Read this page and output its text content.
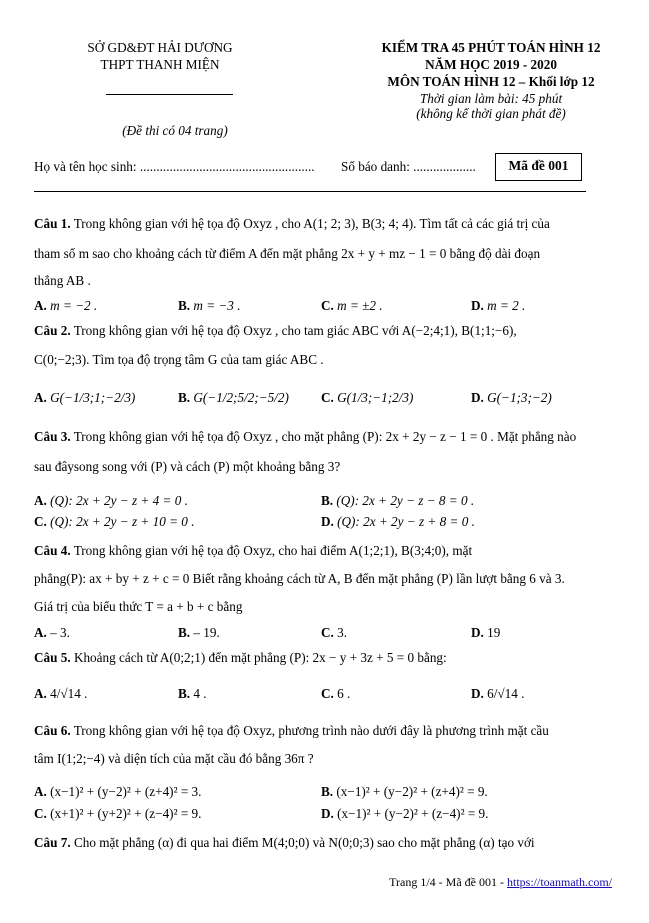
SỞ GD&ĐT HẢI DƯƠNG
THPT THANH MIỆN
(Đề thi có 04 trang)
KIỂM TRA 45 PHÚT TOÁN HÌNH 12
NĂM HỌC 2019 - 2020
MÔN TOÁN HÌNH 12 – Khối lớp 12
Thời gian làm bài: 45 phút
(không kể thời gian phát đề)
Họ và tên học sinh: ..................................................... Số báo danh: ...................	Mã đề 001
Câu 1. Trong không gian với hệ tọa độ Oxyz , cho A(1; 2; 3), B(3; 4; 4). Tìm tất cả các giá trị của
tham số m sao cho khoảng cách từ điểm A đến mặt phẳng 2x + y + mz − 1 = 0 bằng độ dài đoạn
thẳng AB .
A. m = −2 .	B. m = −3 .	C. m = ±2 .	D. m = 2 .
Câu 2. Trong không gian với hệ tọa độ Oxyz , cho tam giác ABC với A(−2;4;1), B(1;1;−6),
C(0;−2;3). Tìm tọa độ trọng tâm G của tam giác ABC .
A. G(−1/3;1;−2/3)	B. G(−1/2;5/2;−5/2) C. G(1/3;−1;2/3)	D. G(−1;3;−2)
Câu 3. Trong không gian với hệ tọa độ Oxyz , cho mặt phẳng (P): 2x + 2y − z − 1 = 0 . Mặt phẳng nào
sau đâysong song với (P) và cách (P) một khoảng bằng 3?
A. (Q): 2x + 2y − z + 4 = 0 .	B. (Q): 2x + 2y − z − 8 = 0 .
C. (Q): 2x + 2y − z + 10 = 0 .	D. (Q): 2x + 2y − z + 8 = 0 .
Câu 4. Trong không gian với hệ tọa độ Oxyz, cho hai điểm A(1;2;1), B(3;4;0), mặt
phẳng(P): ax + by + z + c = 0 Biết rằng khoảng cách từ A, B đến mặt phẳng (P) lần lượt bằng 6 và 3.
Giá trị của biểu thức T = a + b + c bằng
A. – 3.	B. – 19.	C. 3.	D. 19
Câu 5. Khoảng cách từ A(0;2;1) đến mặt phẳng (P): 2x − y + 3z + 5 = 0 bằng:
A. 4/√14 .	B. 4 .	C. 6 .	D. 6/√14 .
Câu 6. Trong không gian với hệ tọa độ Oxyz, phương trình nào dưới đây là phương trình mặt cầu
tâm I(1;2;−4) và diện tích của mặt cầu đó bằng 36π ?
A. (x−1)² + (y−2)² + (z+4)² = 3.	B. (x−1)² + (y−2)² + (z+4)² = 9.
C. (x+1)² + (y+2)² + (z−4)² = 9.	D. (x−1)² + (y−2)² + (z−4)² = 9.
Câu 7. Cho mặt phẳng (α) đi qua hai điểm M(4;0;0) và N(0;0;3) sao cho mặt phẳng (α) tạo với
Trang 1/4 - Mã đề 001 - https://toanmath.com/
